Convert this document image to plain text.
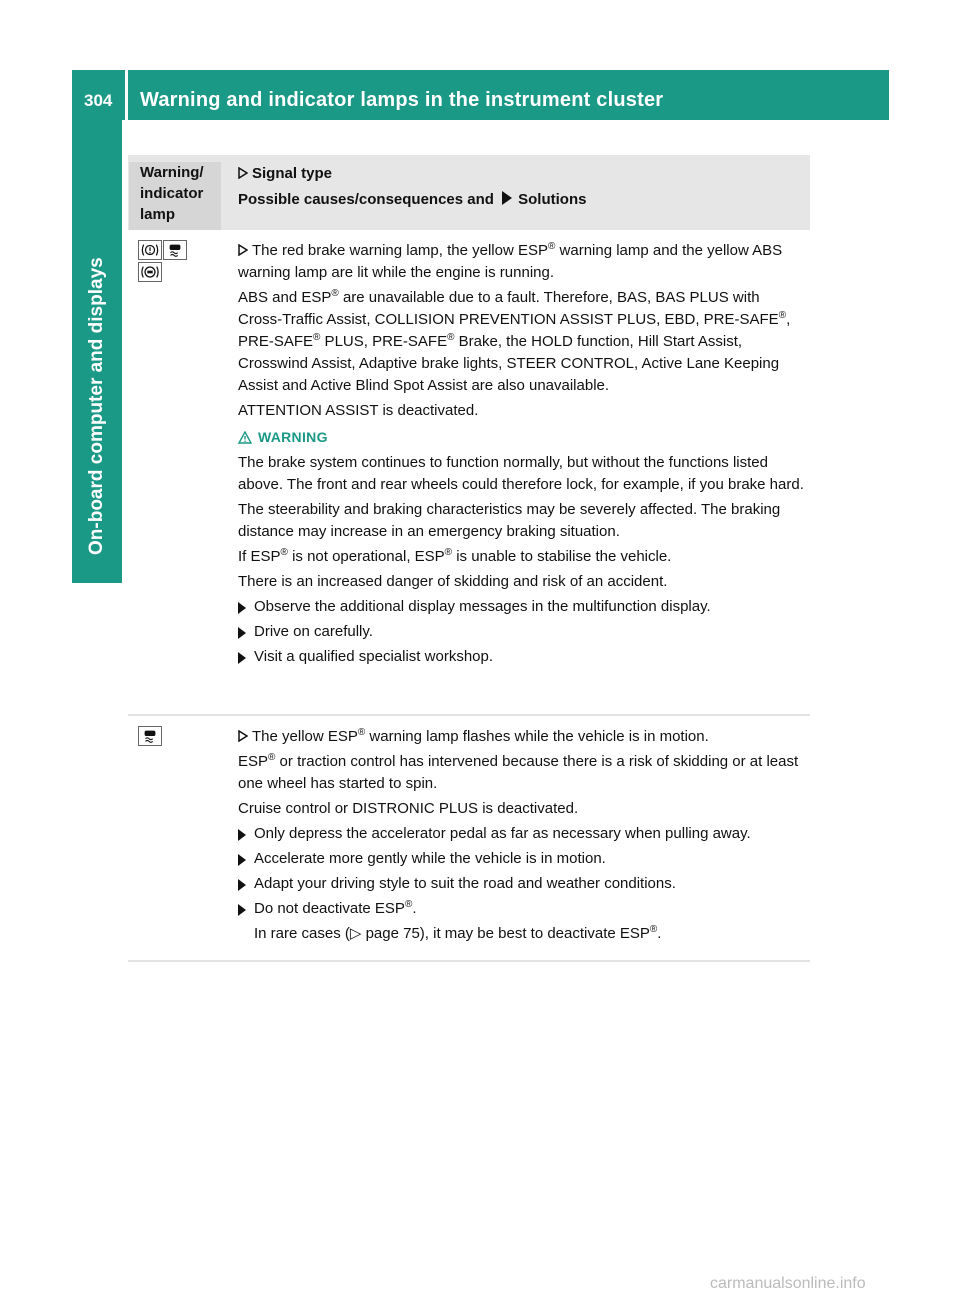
304 Warning and indicator lamps in the instrument cluster
On-board computer and displays
Warning/
indicator
lamp
Signal type
Possible causes/consequences and Solutions

The red brake warning lamp, the yellow ESP® warning lamp and the yellow ABS warning lamp are lit while the engine is running.

ABS and ESP® are unavailable due to a fault. Therefore, BAS, BAS PLUS with Cross-Traffic Assist, COLLISION PREVENTION ASSIST PLUS, EBD, PRE-SAFE®, PRE-SAFE® PLUS, PRE-SAFE® Brake, the HOLD function, Hill Start Assist, Crosswind Assist, Adaptive brake lights, STEER CONTROL, Active Lane Keeping Assist and Active Blind Spot Assist are also unavailable.

ATTENTION ASSIST is deactivated.

WARNING

The brake system continues to function normally, but without the functions listed above. The front and rear wheels could therefore lock, for example, if you brake hard.

The steerability and braking characteristics may be severely affected. The braking distance may increase in an emergency braking situation.

If ESP® is not operational, ESP® is unable to stabilise the vehicle.

There is an increased danger of skidding and risk of an accident.

Observe the additional display messages in the multifunction display.

Drive on carefully.

Visit a qualified specialist workshop.

The yellow ESP® warning lamp flashes while the vehicle is in motion.

ESP® or traction control has intervened because there is a risk of skidding or at least one wheel has started to spin.

Cruise control or DISTRONIC PLUS is deactivated.

Only depress the accelerator pedal as far as necessary when pulling away.

Accelerate more gently while the vehicle is in motion.

Adapt your driving style to suit the road and weather conditions.

Do not deactivate ESP®.

In rare cases (▷ page 75), it may be best to deactivate ESP®.

carmanualsonline.info
